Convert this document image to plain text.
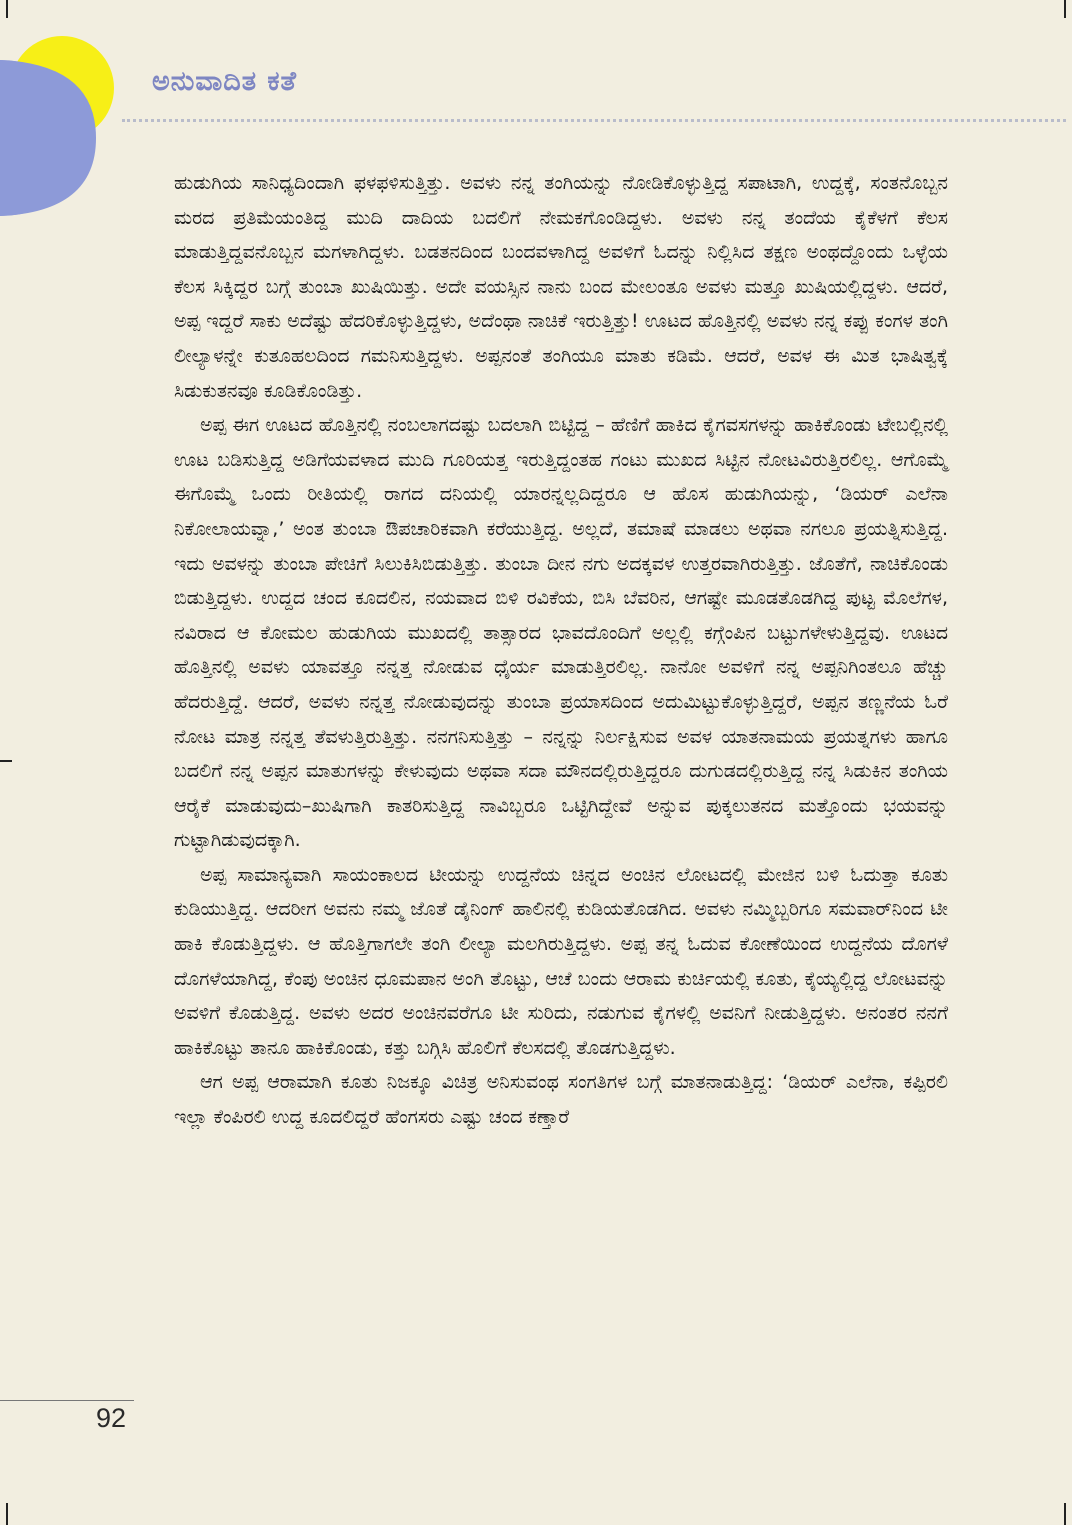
ಅನುವಾದಿತ ಕತೆ

ಹುಡುಗಿಯ ಸಾನಿಧ್ಯದಿಂದಾಗಿ ಫಳಫಳಿಸುತ್ತಿತ್ತು. ಅವಳು ನನ್ನ ತಂಗಿಯನ್ನು ನೋಡಿಕೊಳ್ಳುತ್ತಿದ್ದ ಸಪಾಟಾಗಿ, ಉದ್ದಕ್ಕೆ, ಸಂತನೊಬ್ಬನ ಮರದ ಪ್ರತಿಮೆಯಂತಿದ್ದ ಮುದಿ ದಾದಿಯ ಬದಲಿಗೆ ನೇಮಕಗೊಂಡಿದ್ದಳು. ಅವಳು ನನ್ನ ತಂದೆಯ ಕೈಕೆಳಗೆ ಕೆಲಸ ಮಾಡುತ್ತಿದ್ದವನೊಬ್ಬನ ಮಗಳಾಗಿದ್ದಳು. ಬಡತನದಿಂದ ಬಂದವಳಾಗಿದ್ದ ಅವಳಿಗೆ ಓದನ್ನು ನಿಲ್ಲಿಸಿದ ತಕ್ಷಣ ಅಂಥದ್ದೊಂದು ಒಳ್ಳೆಯ ಕೆಲಸ ಸಿಕ್ಕಿದ್ದರ ಬಗ್ಗೆ ತುಂಬಾ ಖುಷಿಯಿತ್ತು. ಅದೇ ವಯಸ್ಸಿನ ನಾನು ಬಂದ ಮೇಲಂತೂ ಅವಳು ಮತ್ತೂ ಖುಷಿಯಲ್ಲಿದ್ದಳು. ಆದರೆ, ಅಪ್ಪ ಇದ್ದರೆ ಸಾಕು ಅದೆಷ್ಟು ಹೆದರಿಕೊಳ್ಳುತ್ತಿದ್ದಳು, ಅದೆಂಥಾ ನಾಚಿಕೆ ಇರುತ್ತಿತ್ತು! ಊಟದ ಹೊತ್ತಿನಲ್ಲಿ ಅವಳು ನನ್ನ ಕಪ್ಪು ಕಂಗಳ ತಂಗಿ ಲೀಲ್ಯಾಳನ್ನೇ ಕುತೂಹಲದಿಂದ ಗಮನಿಸುತ್ತಿದ್ದಳು. ಅಪ್ಪನಂತೆ ತಂಗಿಯೂ ಮಾತು ಕಡಿಮೆ. ಆದರೆ, ಅವಳ ಈ ಮಿತ ಭಾಷಿತ್ವಕ್ಕೆ ಸಿಡುಕುತನವೂ ಕೂಡಿಕೊಂಡಿತ್ತು.

ಅಪ್ಪ ಈಗ ಊಟದ ಹೊತ್ತಿನಲ್ಲಿ ನಂಬಲಾಗದಷ್ಟು ಬದಲಾಗಿ ಬಿಟ್ಟಿದ್ದ – ಹೆಣಿಗೆ ಹಾಕಿದ ಕೈಗವಸಗಳನ್ನು ಹಾಕಿಕೊಂಡು ಟೇಬಲ್ಲಿನಲ್ಲಿ ಊಟ ಬಡಿಸುತ್ತಿದ್ದ ಅಡಿಗೆಯವಳಾದ ಮುದಿ ಗೂರಿಯತ್ತ ಇರುತ್ತಿದ್ದಂತಹ ಗಂಟು ಮುಖದ ಸಿಟ್ಟಿನ ನೋಟವಿರುತ್ತಿರಲಿಲ್ಲ. ಆಗೊಮ್ಮೆ ಈಗೊಮ್ಮೆ ಒಂದು ರೀತಿಯಲ್ಲಿ ರಾಗದ ದನಿಯಲ್ಲಿ ಯಾರನ್ನಲ್ಲದಿದ್ದರೂ ಆ ಹೊಸ ಹುಡುಗಿಯನ್ನು, ‘ಡಿಯರ್ ಎಲೆನಾ ನಿಕೋಲಾಯವ್ನಾ,’ ಅಂತ ತುಂಬಾ ಔಪಚಾರಿಕವಾಗಿ ಕರೆಯುತ್ತಿದ್ದ. ಅಲ್ಲದೆ, ತಮಾಷೆ ಮಾಡಲು ಅಥವಾ ನಗಲೂ ಪ್ರಯತ್ನಿಸುತ್ತಿದ್ದ. ಇದು ಅವಳನ್ನು ತುಂಬಾ ಪೇಚಿಗೆ ಸಿಲುಕಿಸಿಬಿಡುತ್ತಿತ್ತು. ತುಂಬಾ ದೀನ ನಗು ಅದಕ್ಕವಳ ಉತ್ತರವಾಗಿರುತ್ತಿತ್ತು. ಜೊತೆಗೆ, ನಾಚಿಕೊಂಡು ಬಿಡುತ್ತಿದ್ದಳು. ಉದ್ದದ ಚಂದ ಕೂದಲಿನ, ನಯವಾದ ಬಿಳಿ ರವಿಕೆಯ, ಬಿಸಿ ಬೆವರಿನ, ಆಗಷ್ಟೇ ಮೂಡತೊಡಗಿದ್ದ ಪುಟ್ಟ ಮೊಲೆಗಳ, ನವಿರಾದ ಆ ಕೋಮಲ ಹುಡುಗಿಯ ಮುಖದಲ್ಲಿ ತಾತ್ಸಾರದ ಭಾವದೊಂದಿಗೆ ಅಲ್ಲಲ್ಲಿ ಕಗ್ಗೆಂಪಿನ ಬಟ್ಟುಗಳೇಳುತ್ತಿದ್ದವು. ಊಟದ ಹೊತ್ತಿನಲ್ಲಿ ಅವಳು ಯಾವತ್ತೂ ನನ್ನತ್ತ ನೋಡುವ ಧೈರ್ಯ ಮಾಡುತ್ತಿರಲಿಲ್ಲ. ನಾನೋ ಅವಳಿಗೆ ನನ್ನ ಅಪ್ಪನಿಗಿಂತಲೂ ಹೆಚ್ಚು ಹೆದರುತ್ತಿದ್ದೆ. ಆದರೆ, ಅವಳು ನನ್ನತ್ತ ನೋಡುವುದನ್ನು ತುಂಬಾ ಪ್ರಯಾಸದಿಂದ ಅದುಮಿಟ್ಟುಕೊಳ್ಳುತ್ತಿದ್ದರೆ, ಅಪ್ಪನ ತಣ್ಣನೆಯ ಓರೆ ನೋಟ ಮಾತ್ರ ನನ್ನತ್ತ ತೆವಳುತ್ತಿರುತ್ತಿತ್ತು. ನನಗನಿಸುತ್ತಿತ್ತು – ನನ್ನನ್ನು ನಿರ್ಲಕ್ಷಿಸುವ ಅವಳ ಯಾತನಾಮಯ ಪ್ರಯತ್ನಗಳು ಹಾಗೂ ಬದಲಿಗೆ ನನ್ನ ಅಪ್ಪನ ಮಾತುಗಳನ್ನು ಕೇಳುವುದು ಅಥವಾ ಸದಾ ಮೌನದಲ್ಲಿರುತ್ತಿದ್ದರೂ ದುಗುಡದಲ್ಲಿರುತ್ತಿದ್ದ ನನ್ನ ಸಿಡುಕಿನ ತಂಗಿಯ ಆರೈಕೆ ಮಾಡುವುದು–ಖುಷಿಗಾಗಿ ಕಾತರಿಸುತ್ತಿದ್ದ ನಾವಿಬ್ಬರೂ ಒಟ್ಟಿಗಿದ್ದೇವೆ ಅನ್ನುವ ಪುಕ್ಕಲುತನದ ಮತ್ತೊಂದು ಭಯವನ್ನು ಗುಟ್ಟಾಗಿಡುವುದಕ್ಕಾಗಿ.

ಅಪ್ಪ ಸಾಮಾನ್ಯವಾಗಿ ಸಾಯಂಕಾಲದ ಟೀಯನ್ನು ಉದ್ದನೆಯ ಚಿನ್ನದ ಅಂಚಿನ ಲೋಟದಲ್ಲಿ ಮೇಜಿನ ಬಳಿ ಓದುತ್ತಾ ಕೂತು ಕುಡಿಯುತ್ತಿದ್ದ. ಆದರೀಗ ಅವನು ನಮ್ಮ ಜೊತೆ ಡೈನಿಂಗ್ ಹಾಲಿನಲ್ಲಿ ಕುಡಿಯತೊಡಗಿದ. ಅವಳು ನಮ್ಮಿಬ್ಬರಿಗೂ ಸಮವಾರ್‌ನಿಂದ ಟೀ ಹಾಕಿ ಕೊಡುತ್ತಿದ್ದಳು. ಆ ಹೊತ್ತಿಗಾಗಲೇ ತಂಗಿ ಲೀಲ್ಯಾ ಮಲಗಿರುತ್ತಿದ್ದಳು. ಅಪ್ಪ ತನ್ನ ಓದುವ ಕೋಣೆಯಿಂದ ಉದ್ದನೆಯ ದೊಗಳೆ ದೊಗಳೆಯಾಗಿದ್ದ, ಕೆಂಪು ಅಂಚಿನ ಧೂಮಪಾನ ಅಂಗಿ ತೊಟ್ಟು, ಆಚೆ ಬಂದು ಆರಾಮ ಕುರ್ಚಿಯಲ್ಲಿ ಕೂತು, ಕೈಯ್ಯಲ್ಲಿದ್ದ ಲೋಟವನ್ನು ಅವಳಿಗೆ ಕೊಡುತ್ತಿದ್ದ. ಅವಳು ಅದರ ಅಂಚಿನವರೆಗೂ ಟೀ ಸುರಿದು, ನಡುಗುವ ಕೈಗಳಲ್ಲಿ ಅವನಿಗೆ ನೀಡುತ್ತಿದ್ದಳು. ಅನಂತರ ನನಗೆ ಹಾಕಿಕೊಟ್ಟು ತಾನೂ ಹಾಕಿಕೊಂಡು, ಕತ್ತು ಬಗ್ಗಿಸಿ ಹೊಲಿಗೆ ಕೆಲಸದಲ್ಲಿ ತೊಡಗುತ್ತಿದ್ದಳು.

ಆಗ ಅಪ್ಪ ಆರಾಮಾಗಿ ಕೂತು ನಿಜಕ್ಕೂ ವಿಚಿತ್ರ ಅನಿಸುವಂಥ ಸಂಗತಿಗಳ ಬಗ್ಗೆ ಮಾತನಾಡುತ್ತಿದ್ದ: ‘ಡಿಯರ್ ಎಲೆನಾ, ಕಪ್ಪಿರಲಿ ಇಲ್ಲಾ ಕೆಂಪಿರಲಿ ಉದ್ದ ಕೂದಲಿದ್ದರೆ ಹೆಂಗಸರು ಎಷ್ಟು ಚಂದ ಕಣ್ತಾರೆ

92
